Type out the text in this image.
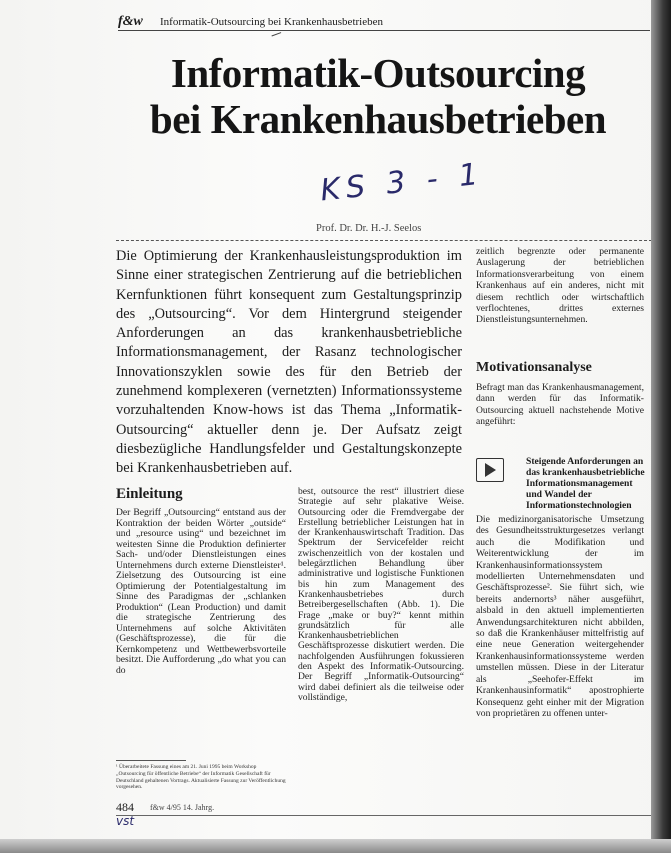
f&w Informatik-Outsourcing bei Krankenhausbetrieben
Informatik-Outsourcing
bei Krankenhausbetrieben
KS 3 - 1
Prof. Dr. Dr. H.-J. Seelos
Die Optimierung der Krankenhausleistungsproduktion im Sinne einer strategischen Zentrierung auf die betrieblichen Kernfunktionen führt konsequent zum Gestaltungsprinzip des „Outsourcing“. Vor dem Hintergrund steigender Anforderungen an das krankenhausbetriebliche Informationsmanagement, der Rasanz technologischer Innovationszyklen sowie des für den Betrieb der zunehmend komplexeren (vernetzten) Informationssysteme vorzuhaltenden Know-hows ist das Thema „Informatik-Outsourcing“ aktueller denn je. Der Aufsatz zeigt diesbezügliche Handlungsfelder und Gestaltungskonzepte bei Krankenhausbetrieben auf.
zeitlich begrenzte oder permanente Auslagerung der betrieblichen Informationsverarbeitung von einem Krankenhaus auf ein anderes, nicht mit diesem rechtlich oder wirtschaftlich verflochtenes, drittes externes Dienstleistungsunternehmen.
Motivationsanalyse
Befragt man das Krankenhausmanagement, dann werden für das Informatik-Outsourcing aktuell nachstehende Motive angeführt:
Steigende Anforderungen an das krankenhausbetriebliche Informationsmanagement und Wandel der Informationstechnologien
Die medizinorganisatorische Umsetzung des Gesundheitsstrukturgesetzes verlangt auch die Modifikation und Weiterentwicklung der im Krankenhausinformationssystem modellierten Unternehmensdaten und Geschäftsprozesse². Sie führt sich, wie bereits andernorts³ näher ausgeführt, alsbald in den aktuell implementierten Anwendungsarchitekturen nicht abbilden, so daß die Krankenhäuser mittelfristig auf eine neue Generation weitergehender Krankenhausinformationssysteme werden umstellen müssen. Diese in der Literatur als „Seehofer-Effekt im Krankenhausinformatik“ apostrophierte Konsequenz geht einher mit der Migration von proprietären zu offenen unter-
Einleitung
Der Begriff „Outsourcing“ entstand aus der Kontraktion der beiden Wörter „outside“ und „resource using“ und bezeichnet im weitesten Sinne die Produktion definierter Sach- und/oder Dienstleistungen eines Unternehmens durch externe Dienstleister¹. Zielsetzung des Outsourcing ist eine Optimierung der Potentialgestaltung im Sinne des Paradigmas der „schlanken Produktion“ (Lean Production) und damit die strategische Zentrierung des Unternehmens auf solche Aktivitäten (Geschäftsprozesse), die für die Kernkompetenz und Wettbewerbsvorteile besitzt. Die Aufforderung „do what you can do
¹ Überarbeitete Fassung eines am 21. Juni 1995 beim Workshop „Outsourcing für öffentliche Betriebe“ der Informatik Gesellschaft für Deutschland gehaltenen Vortrags. Aktualisierte Fassung zur Veröffentlichung vorgesehen.
best, outsource the rest“ illustriert diese Strategie auf sehr plakative Weise. Outsourcing oder die Fremdvergabe der Erstellung betrieblicher Leistungen hat in der Krankenhauswirtschaft Tradition. Das Spektrum der Servicefelder reicht zwischenzeitlich von der kostalen und belegärztlichen Behandlung über administrative und logistische Funktionen bis hin zum Management des Krankenhausbetriebes durch Betreibergesellschaften (Abb. 1). Die Frage „make or buy?“ kennt mithin grundsätzlich für alle Krankenhausbetrieblichen Geschäftsprozesse diskutiert werden. Die nachfolgenden Ausführungen fokussieren den Aspekt des Informatik-Outsourcing. Der Begriff „Informatik-Outsourcing“ wird dabei definiert als die teilweise oder vollständige,
484 f&w 4/95 14. Jahrg.
vst
